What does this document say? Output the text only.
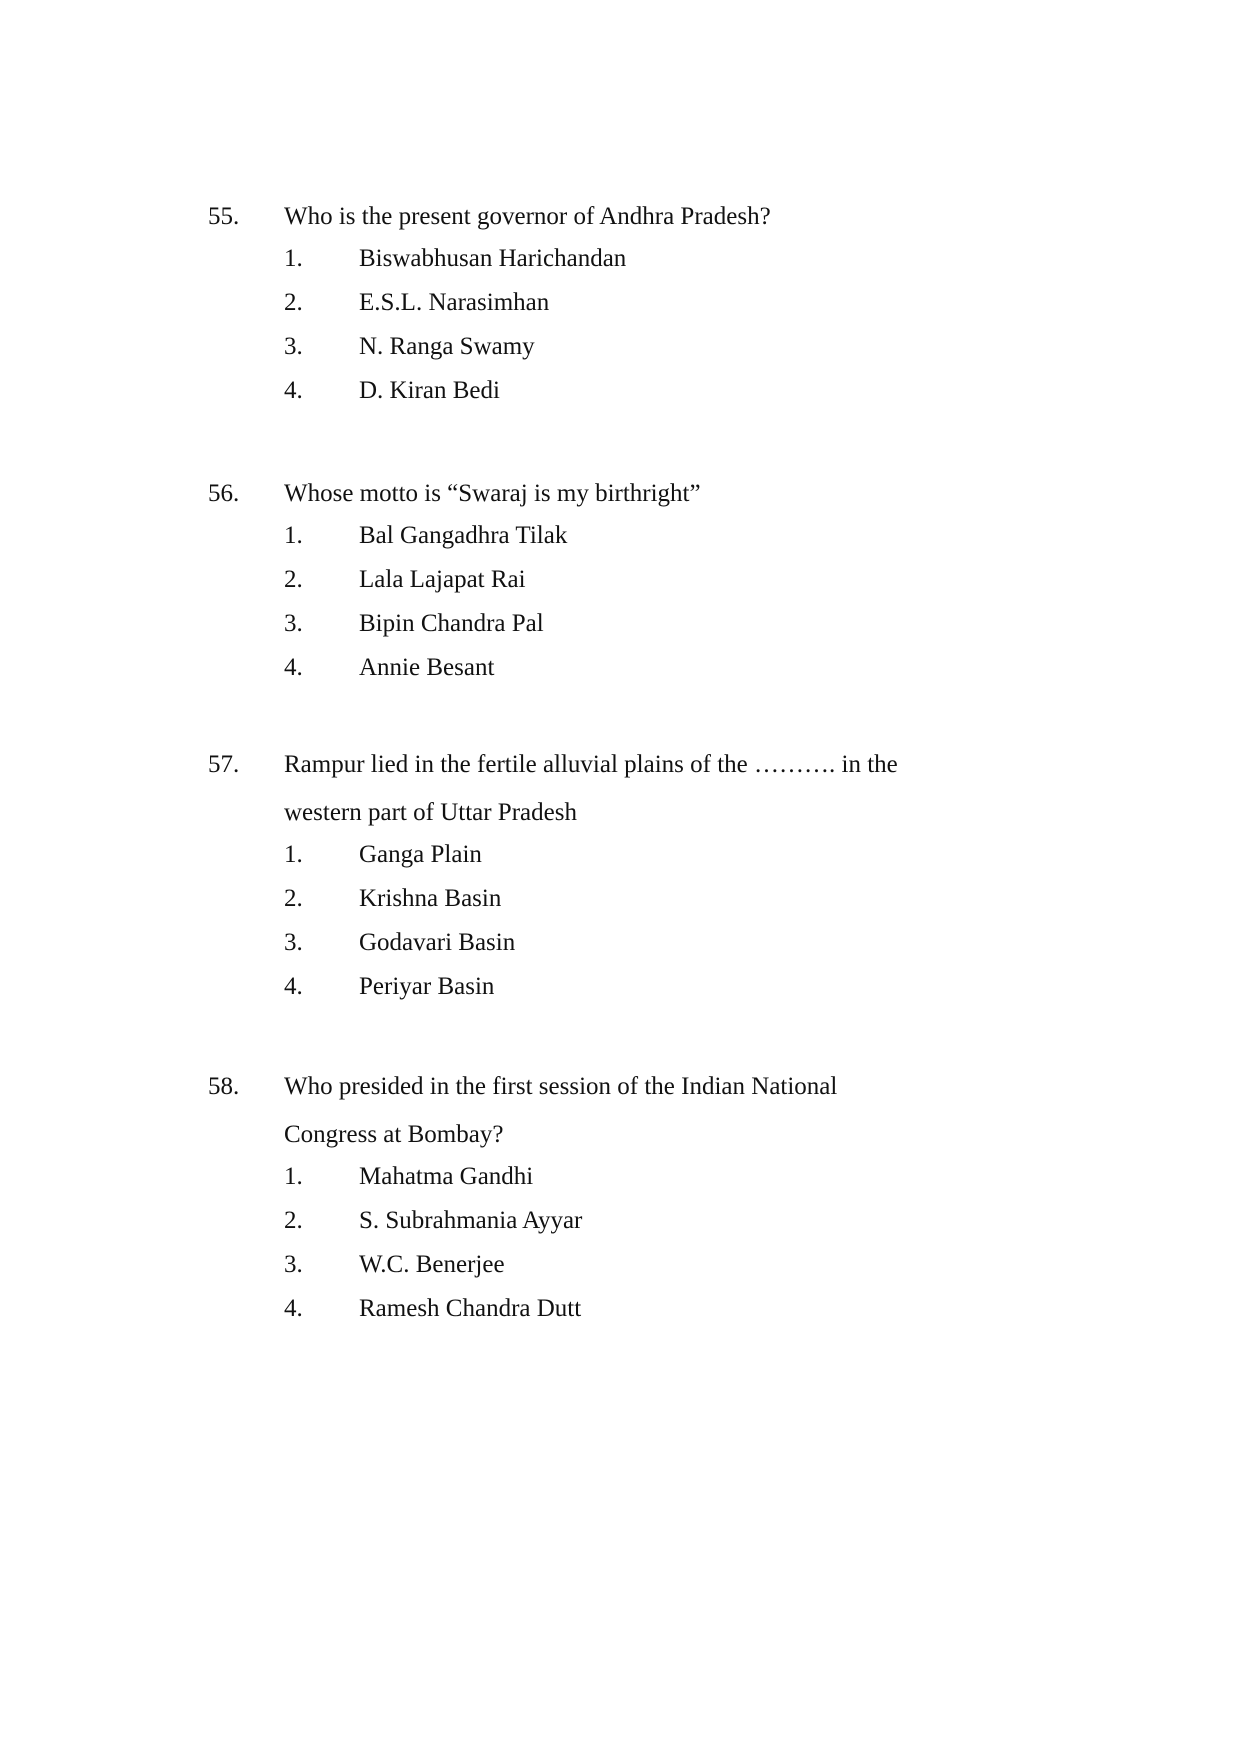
55. Who is the present governor of Andhra Pradesh?
1. Biswabhusan Harichandan
2. E.S.L. Narasimhan
3. N. Ranga Swamy
4. D. Kiran Bedi
56. Whose motto is “Swaraj is my birthright”
1. Bal Gangadhra Tilak
2. Lala Lajapat Rai
3. Bipin Chandra Pal
4. Annie Besant
57. Rampur lied in the fertile alluvial plains of the ………. in the
western part of Uttar Pradesh
1. Ganga Plain
2. Krishna Basin
3. Godavari Basin
4. Periyar Basin
58. Who presided in the first session of the Indian National
Congress at Bombay?
1. Mahatma Gandhi
2. S. Subrahmania Ayyar
3. W.C. Benerjee
4. Ramesh Chandra Dutt
